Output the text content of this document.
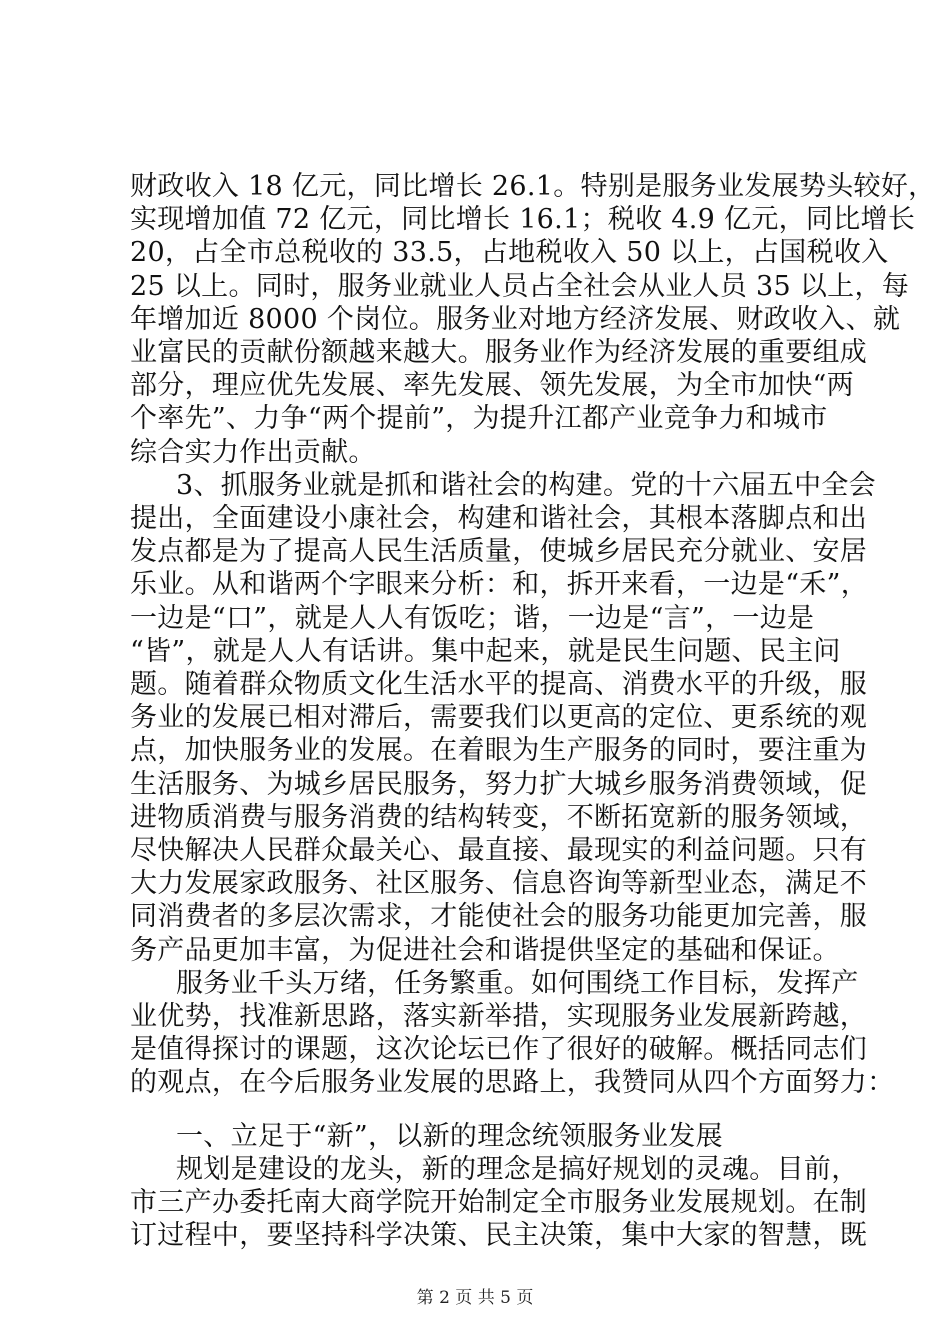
财政收入 18 亿元，同比增长 26.1。特别是服务业发展势头较好，
实现增加值 72 亿元，同比增长 16.1；税收 4.9 亿元，同比增长
20，占全市总税收的 33.5，占地税收入 50 以上，占国税收入
25 以上。同时，服务业就业人员占全社会从业人员 35 以上，每
年增加近 8000 个岗位。服务业对地方经济发展、财政收入、就
业富民的贡献份额越来越大。服务业作为经济发展的重要组成
部分，理应优先发展、率先发展、领先发展，为全市加快“两
个率先”、力争“两个提前”，为提升江都产业竞争力和城市
综合实力作出贡献。
3、抓服务业就是抓和谐社会的构建。党的十六届五中全会
提出，全面建设小康社会，构建和谐社会，其根本落脚点和出
发点都是为了提高人民生活质量，使城乡居民充分就业、安居
乐业。从和谐两个字眼来分析：和，拆开来看，一边是“禾”，
一边是“口”，就是人人有饭吃；谐，一边是“言”，一边是
“皆”，就是人人有话讲。集中起来，就是民生问题、民主问
题。随着群众物质文化生活水平的提高、消费水平的升级，服
务业的发展已相对滞后，需要我们以更高的定位、更系统的观
点，加快服务业的发展。在着眼为生产服务的同时，要注重为
生活服务、为城乡居民服务，努力扩大城乡服务消费领域，促
进物质消费与服务消费的结构转变，不断拓宽新的服务领域，
尽快解决人民群众最关心、最直接、最现实的利益问题。只有
大力发展家政服务、社区服务、信息咨询等新型业态，满足不
同消费者的多层次需求，才能使社会的服务功能更加完善，服
务产品更加丰富，为促进社会和谐提供坚定的基础和保证。
服务业千头万绪，任务繁重。如何围绕工作目标，发挥产
业优势，找准新思路，落实新举措，实现服务业发展新跨越，
是值得探讨的课题，这次论坛已作了很好的破解。概括同志们
的观点，在今后服务业发展的思路上，我赞同从四个方面努力：
一、立足于“新”，以新的理念统领服务业发展
规划是建设的龙头，新的理念是搞好规划的灵魂。目前，
市三产办委托南大商学院开始制定全市服务业发展规划。在制
订过程中，要坚持科学决策、民主决策，集中大家的智慧，既
第 2 页 共 5 页
